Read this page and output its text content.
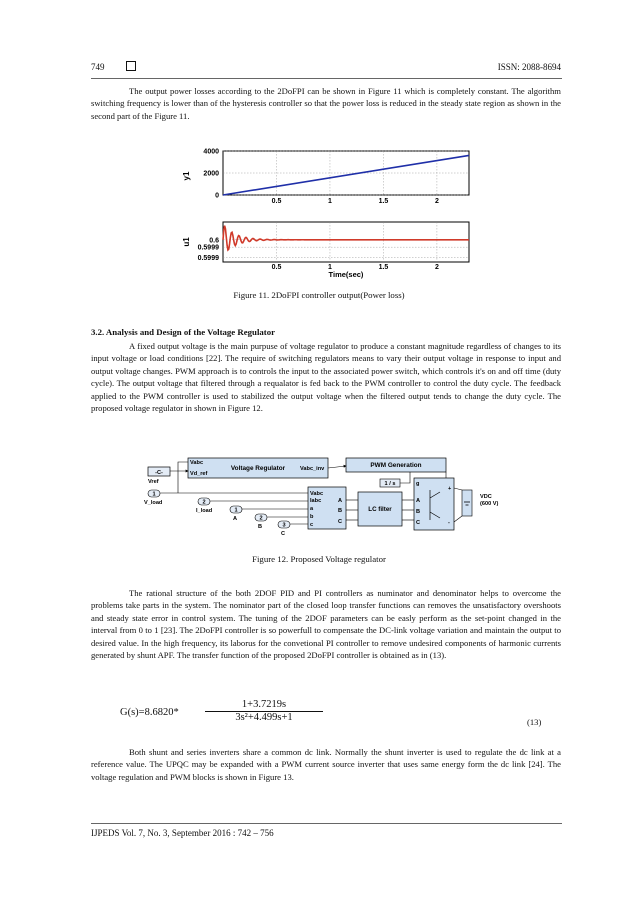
749	ISSN: 2088-8694
The output power losses according to the 2DoFPI can be shown in Figure 11 which is completely constant. The algorithm switching frequency is lower than of the hysteresis controller so that the power loss is reduced in the steady state region as shown in the second part of the Figure 11.
0.5	1	1.5	2
0
2000
4000
y1
0.5	1	1.5	2
0.6
0.5999
0.5999
u1
Time(sec)
Figure 11. 2DoFPI controller output(Power loss)
3.2. Analysis and Design of the Voltage Regulator
A fixed output voltage is the main purpuse of voltage regulator to produce a constant magnitude regardless of changes to its input voltage or load conditions [22]. The require of switching regulators means to vary their output voltage in response to input and output voltage changes. PWM approach is to controls the input to the associated power switch, which controls it's on and off time (duty cycle). The output voltage that filtered through a requalator is fed back to the PWM controller to control the duty cycle. The feedback applied to the PWM controller is used to stabilized the output voltage when the filtered output tends to change the duty cycle. The proposed voltage regulator in shown in Figure 12.
-C-
Vref
Vabc
Vd_ref
Voltage Regulator	Vabc_inv	PWM Generation
1
V_load	2
I_load	1
A	2
B	3
C
Vabc
Iabc
a
b
c
A
B
C
LC filter
1 / s	g
A
B
C
+
-
VDC
(600 V)
Figure 12. Proposed Voltage regulator
The rational structure of the both 2DOF PID and PI controllers as numinator and denominator helps to overcome the problems take parts in the system. The nominator part of the closed loop transfer functions can removes the unsatisfactory overshoots and steady state error in control system. The tuning of the 2DOF parameters can be easly perform as the set-point changed in the interval from 0 to 1 [23]. The 2DoFPI controller is so powerfull to compensate the DC-link voltage variation and maintain the output to desired value. In the high frequency, its laborus for the convetional PI controller to remove undesired components of harmonic currents generated by shunt APF. The transfer function of the proposed 2DoFPI controller is obtained as in (13).
G(s)=8.6820*
1+3.7219s
3s²+4.499s+1	(13)
Both shunt and series inverters share a common dc link. Normally the shunt inverter is used to regulate the dc link at a reference value. The UPQC may be expanded with a PWM current source inverter that uses same energy form the dc link [24]. The voltage regulation and PWM blocks is shown in Figure 13.
IJPEDS Vol. 7, No. 3, September 2016 : 742 – 756
